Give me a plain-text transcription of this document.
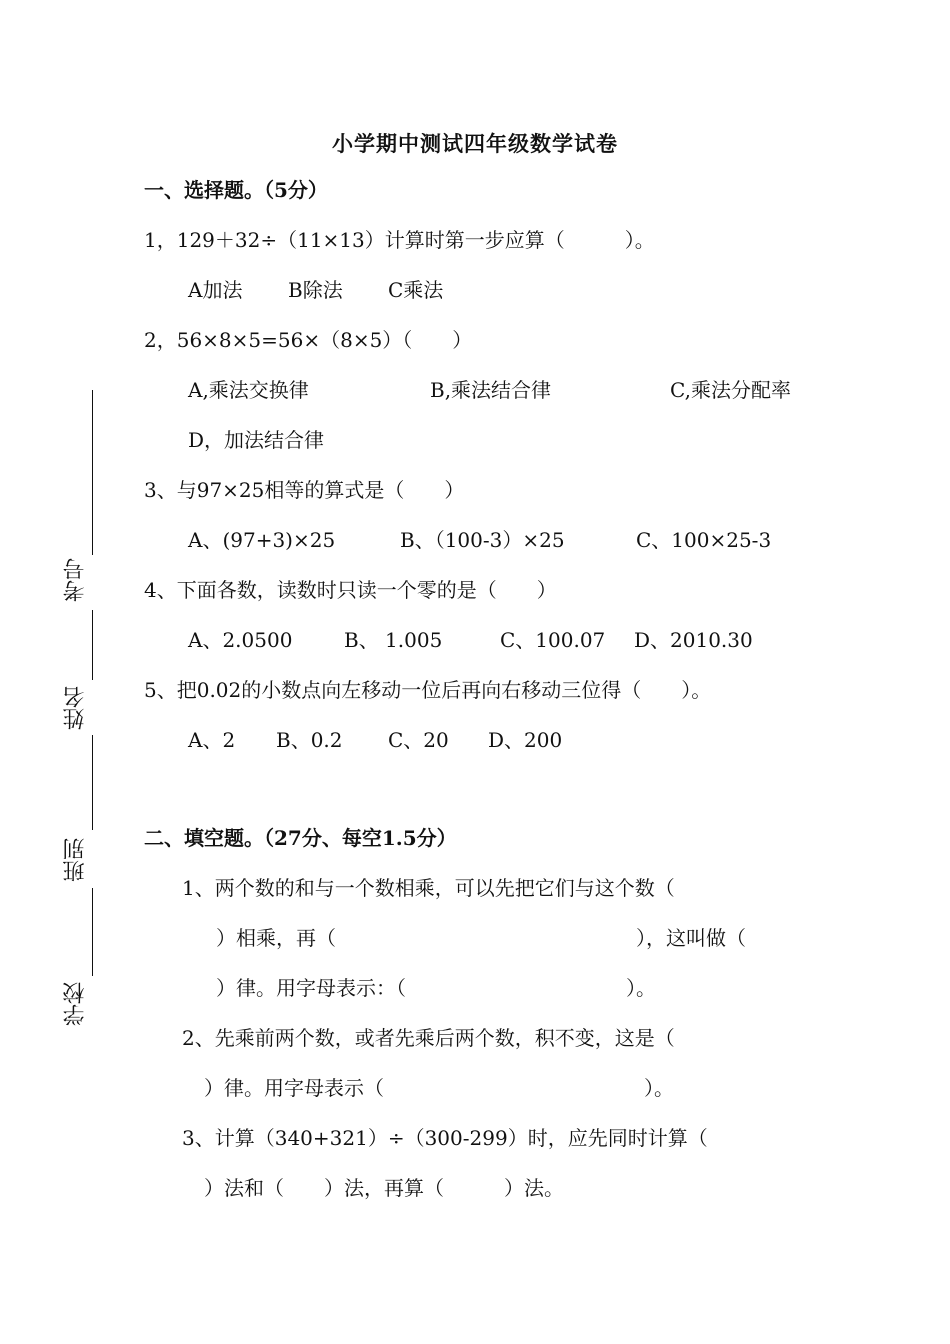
小学期中测试四年级数学试卷
考号
姓名
班别
学校
一、选择题。（5分）
1，129＋32÷（11×13）计算时第一步应算（　　　）。
A加法 B除法 C乘法
2，56×8×5=56×（8×5）（　　）
A,乘法交换律	B,乘法结合律	C,乘法分配率
D，加法结合律
3、与97×25相等的算式是（　　）
A、(97+3)×25	B、（100-3）×25	C、100×25-3
4、下面各数，读数时只读一个零的是（　　）
A、2.0500	B、 1.005	C、100.07 D、2010.30
5、把0.02的小数点向左移动一位后再向右移动三位得（　　）。
A、2 B、0.2 C、20 D、200
二、填空题。（27分、每空1.5分）
1、两个数的和与一个数相乘，可以先把它们与这个数（
）相乘，再（　　　　　　　　　　　　　　　），这叫做（
）律。用字母表示：（　　　　　　　　　　　）。
2、先乘前两个数，或者先乘后两个数，积不变，这是（
）律。用字母表示（　　　　　　　　　　　　　）。
3、计算（340+321）÷（300-299）时，应先同时计算（
）法和（　　）法，再算（　　　）法。
